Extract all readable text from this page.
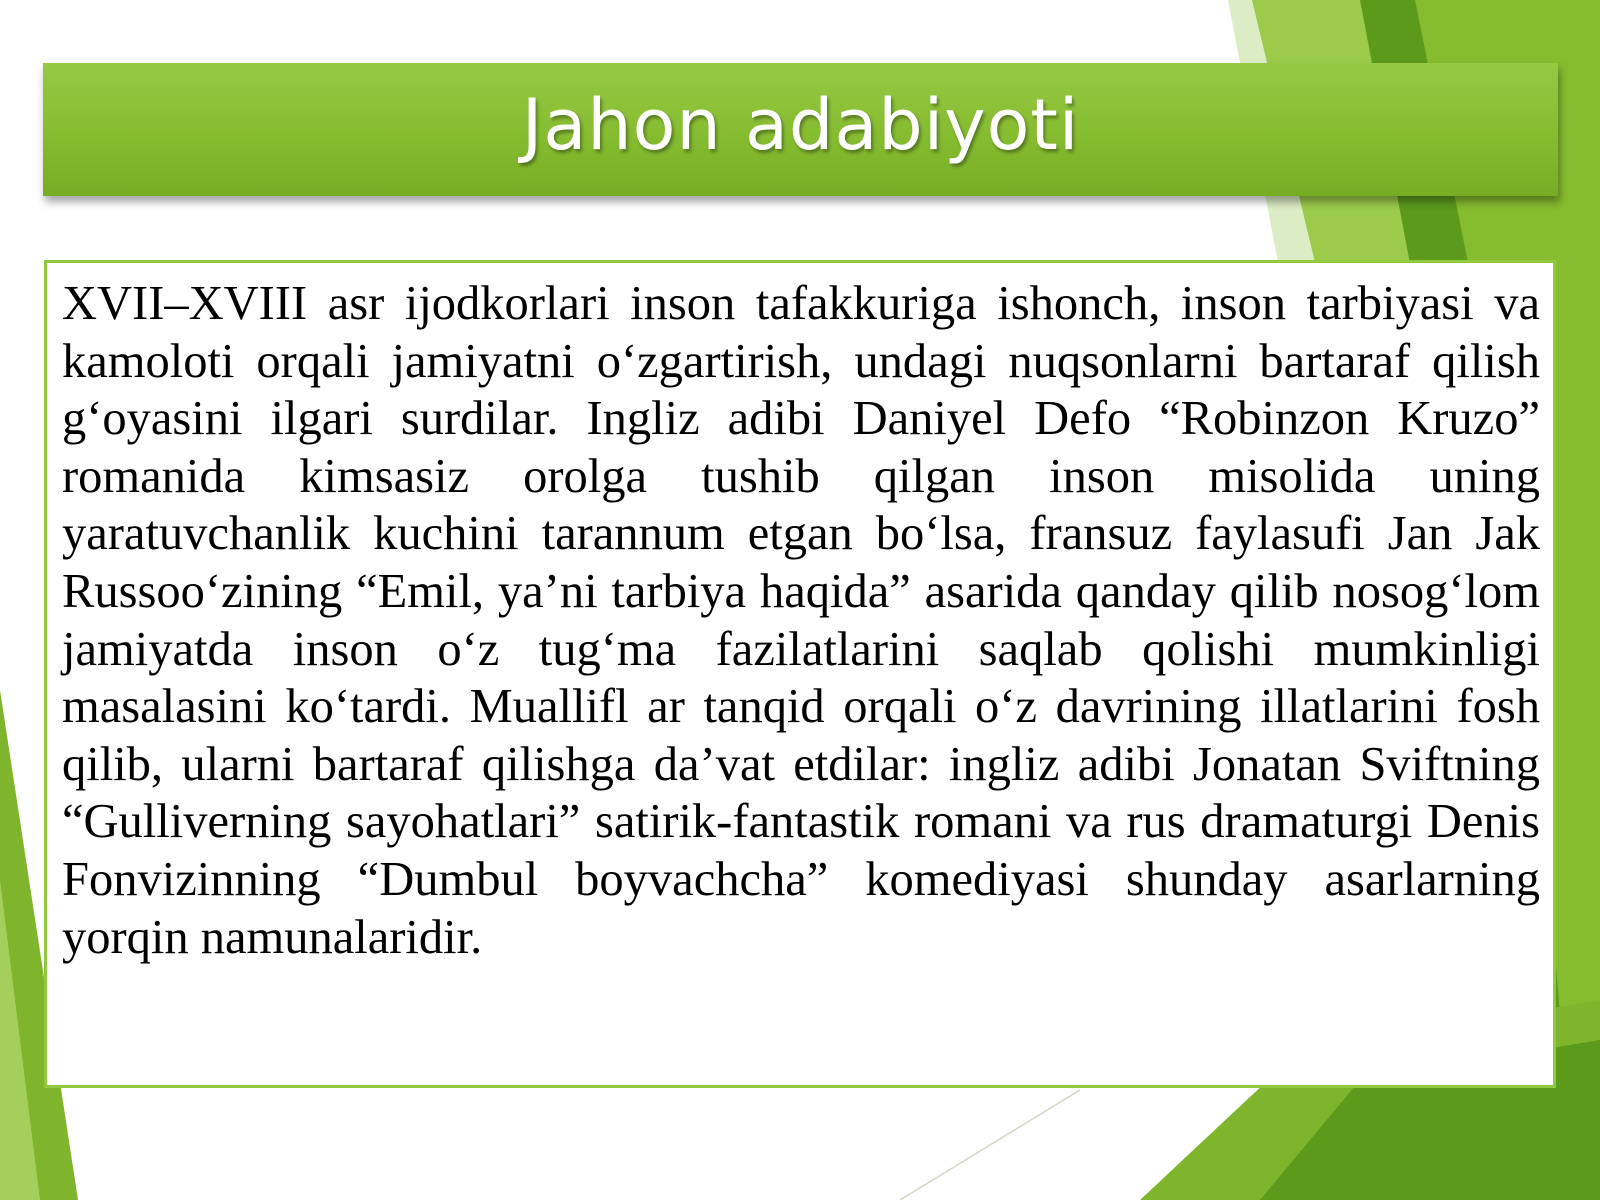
Jahon adabiyoti

XVII–XVIII asr ijodkorlari inson tafakkuriga ishonch, inson tarbiyasi va kamoloti orqali jamiyatni o‘zgartirish, undagi nuqsonlarni bartaraf qilish g‘oyasini ilgari surdilar. Ingliz adibi Daniyel Defo “Robinzon Kruzo” romanida kimsasiz orolga tushib qilgan inson misolida uning yaratuvchanlik kuchini tarannum etgan bo‘lsa, fransuz faylasufi Jan Jak Russoo‘zining “Emil, ya’ni tarbiya haqida” asarida qanday qilib nosog‘lom jamiyatda inson o‘z tug‘ma fazilatlarini saqlab qolishi mumkinligi masalasini ko‘tardi. Muallifl ar tanqid orqali o‘z davrining illatlarini fosh qilib, ularni bartaraf qilishga da’vat etdilar: ingliz adibi Jonatan Sviftning “Gulliverning sayohatlari” satirik-fantastik romani va rus dramaturgi Denis Fonvizinning “Dumbul boyvachcha” komediyasi shunday asarlarning yorqin namunalaridir.
